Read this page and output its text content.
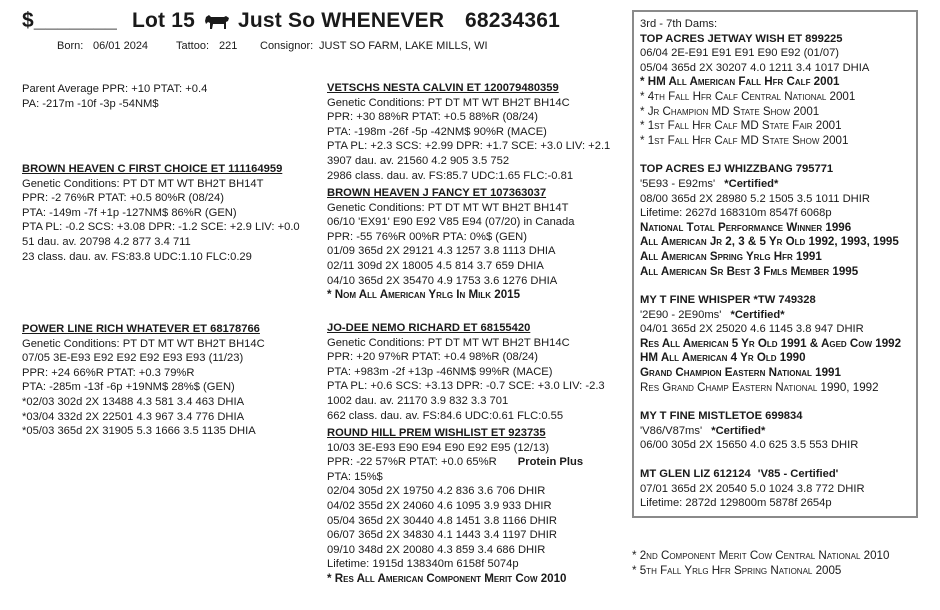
$_______ Lot 15 Just So WHENEVER 68234361
Born: 06/01 2024	Tattoo: 221 Consignor: JUST SO FARM, LAKE MILLS, WI
Parent Average PPR: +10 PTAT: +0.4
PA: -217m -10f -3p -54NM$
BROWN HEAVEN C FIRST CHOICE ET 111164959
Genetic Conditions: PT DT MT WT BH2T BH14T
PPR: -2 76%R PTAT: +0.5 80%R (08/24)
PTA: -149m -7f +1p -127NM$ 86%R (GEN)
PTA PL: -0.2 SCS: +3.08 DPR: -1.2 SCE: +2.9 LIV: +0.0
51 dau. av. 20798 4.2 877 3.4 711
23 class. dau. av. FS:83.8 UDC:1.10 FLC:0.29
POWER LINE RICH WHATEVER ET 68178766
Genetic Conditions: PT DT MT WT BH2T BH14C
07/05 3E-E93 E92 E92 E92 E93 E93 (11/23)
PPR: +24 66%R PTAT: +0.3 79%R
PTA: -285m -13f -6p +19NM$ 28%$ (GEN)
*02/03 302d 2X 13488 4.3 581 3.4 463 DHIA
*03/04 332d 2X 22501 4.3 967 3.4 776 DHIA
*05/03 365d 2X 31905 5.3 1666 3.5 1135 DHIA
VETSCHS NESTA CALVIN ET 120079480359
Genetic Conditions: PT DT MT WT BH2T BH14C
PPR: +30 88%R PTAT: +0.5 88%R (08/24)
PTA: -198m -26f -5p -42NM$ 90%R (MACE)
PTA PL: +2.3 SCS: +2.99 DPR: +1.7 SCE: +3.0 LIV: +2.1
3907 dau. av. 21560 4.2 905 3.5 752
2986 class. dau. av. FS:85.7 UDC:1.65 FLC:-0.81
BROWN HEAVEN J FANCY ET 107363037
Genetic Conditions: PT DT MT WT BH2T BH14T
06/10 'EX91' E90 E92 V85 E94 (07/20) in Canada
PPR: -55 76%R 00%R PTA: 0%$ (GEN)
01/09 365d 2X 29121 4.3 1257 3.8 1113 DHIA
02/11 309d 2X 18005 4.5 814 3.7 659 DHIA
04/10 365d 2X 35470 4.9 1753 3.6 1276 DHIA
* Nom All American Yrlg In Milk 2015
JO-DEE NEMO RICHARD ET 68155420
Genetic Conditions: PT DT MT WT BH2T BH14C
PPR: +20 97%R PTAT: +0.4 98%R (08/24)
PTA: +983m -2f +13p -46NM$ 99%R (MACE)
PTA PL: +0.6 SCS: +3.13 DPR: -0.7 SCE: +3.0 LIV: -2.3
1002 dau. av. 21170 3.9 832 3.3 701
662 class. dau. av. FS:84.6 UDC:0.61 FLC:0.55
ROUND HILL PREM WISHLIST ET 923735
10/03 3E-E93 E90 E94 E90 E92 E95 (12/13)
PPR: -22 57%R PTAT: +0.0 65%R Protein Plus
PTA: 15%$
02/04 305d 2X 19750 4.2 836 3.6 706 DHIR
04/02 355d 2X 24060 4.6 1095 3.9 933 DHIR
05/04 365d 2X 30440 4.8 1451 3.8 1166 DHIR
06/07 365d 2X 34830 4.1 1443 3.4 1197 DHIR
09/10 348d 2X 20080 4.3 859 3.4 686 DHIR
Lifetime: 1915d 138340m 6158f 5074p
* Res All American Component Merit Cow 2010
3rd - 7th Dams:
TOP ACRES JETWAY WISH ET 899225
06/04 2E-E91 E91 E91 E90 E92 (01/07)
05/04 365d 2X 30207 4.0 1211 3.4 1017 DHIA
* HM All American Fall Hfr Calf 2001
* 4th Fall Hfr Calf Central National 2001
* Jr Champion MD State Show 2001
* 1st Fall Hfr Calf MD State Fair 2001
* 1st Fall Hfr Calf MD State Show 2001
TOP ACRES EJ WHIZZBANG 795771
'5E93 - E92ms' *Certified*
08/00 365d 2X 28980 5.2 1505 3.5 1011 DHIR
Lifetime: 2627d 168310m 8547f 6068p
National Total Performance Winner 1996
All American Jr 2, 3 & 5 Yr Old 1992, 1993, 1995
All American Spring Yrlg Hfr 1991
All American Sr Best 3 Fmls Member 1995
MY T FINE WHISPER *TW 749328
'2E90 - 2E90ms' *Certified*
04/01 365d 2X 25020 4.6 1145 3.8 947 DHIR
Res All American 5 Yr Old 1991 & Aged Cow 1992
HM All American 4 Yr Old 1990
Grand Champion Eastern National 1991
Res Grand Champ Eastern National 1990, 1992
MY T FINE MISTLETOE 699834
'V86/V87ms' *Certified*
06/00 305d 2X 15650 4.0 625 3.5 553 DHIR
MT GLEN LIZ 612124 'V85 - Certified'
07/01 365d 2X 20540 5.0 1024 3.8 772 DHIR
Lifetime: 2872d 129800m 5878f 2654p
* 2nd Component Merit Cow Central National 2010
* 5th Fall Yrlg Hfr Spring National 2005
